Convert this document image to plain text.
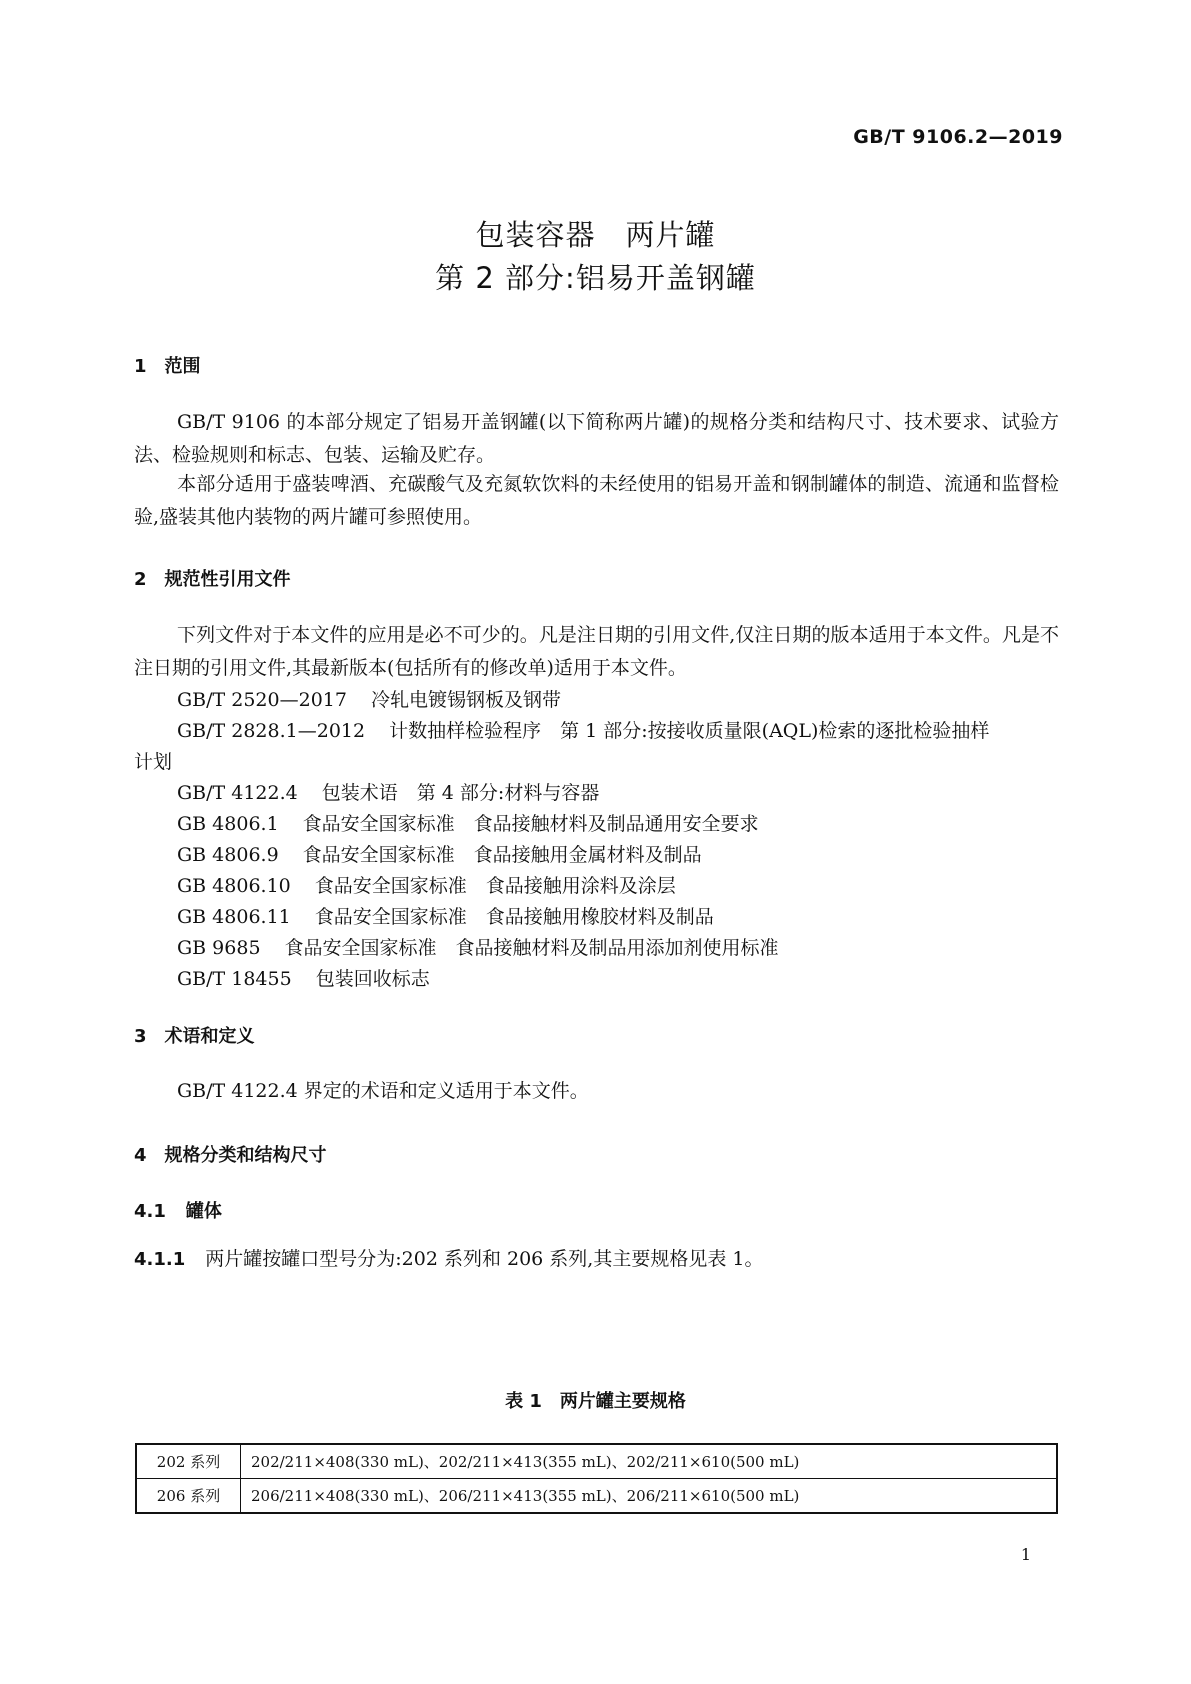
GB/T 9106.2—2019
包装容器　两片罐
第 2 部分:铝易开盖钢罐
1 范围
GB/T 9106 的本部分规定了铝易开盖钢罐(以下简称两片罐)的规格分类和结构尺寸、技术要求、试验方法、检验规则和标志、包装、运输及贮存。
本部分适用于盛装啤酒、充碳酸气及充氮软饮料的未经使用的铝易开盖和钢制罐体的制造、流通和监督检验,盛装其他内装物的两片罐可参照使用。
2 规范性引用文件
下列文件对于本文件的应用是必不可少的。凡是注日期的引用文件,仅注日期的版本适用于本文件。凡是不注日期的引用文件,其最新版本(包括所有的修改单)适用于本文件。
GB/T 2520—2017 冷轧电镀锡钢板及钢带
GB/T 2828.1—2012 计数抽样检验程序　第 1 部分:按接收质量限(AQL)检索的逐批检验抽样
计划
GB/T 4122.4 包装术语　第 4 部分:材料与容器
GB 4806.1 食品安全国家标准　食品接触材料及制品通用安全要求
GB 4806.9 食品安全国家标准　食品接触用金属材料及制品
GB 4806.10 食品安全国家标准　食品接触用涂料及涂层
GB 4806.11 食品安全国家标准　食品接触用橡胶材料及制品
GB 9685 食品安全国家标准　食品接触材料及制品用添加剂使用标准
GB/T 18455 包装回收标志
3 术语和定义
GB/T 4122.4 界定的术语和定义适用于本文件。
4 规格分类和结构尺寸
4.1 罐体
4.1.1 两片罐按罐口型号分为:202 系列和 206 系列,其主要规格见表 1。
表 1　两片罐主要规格
202 系列	202/211×408(330 mL)、202/211×413(355 mL)、202/211×610(500 mL)
206 系列	206/211×408(330 mL)、206/211×413(355 mL)、206/211×610(500 mL)
1
